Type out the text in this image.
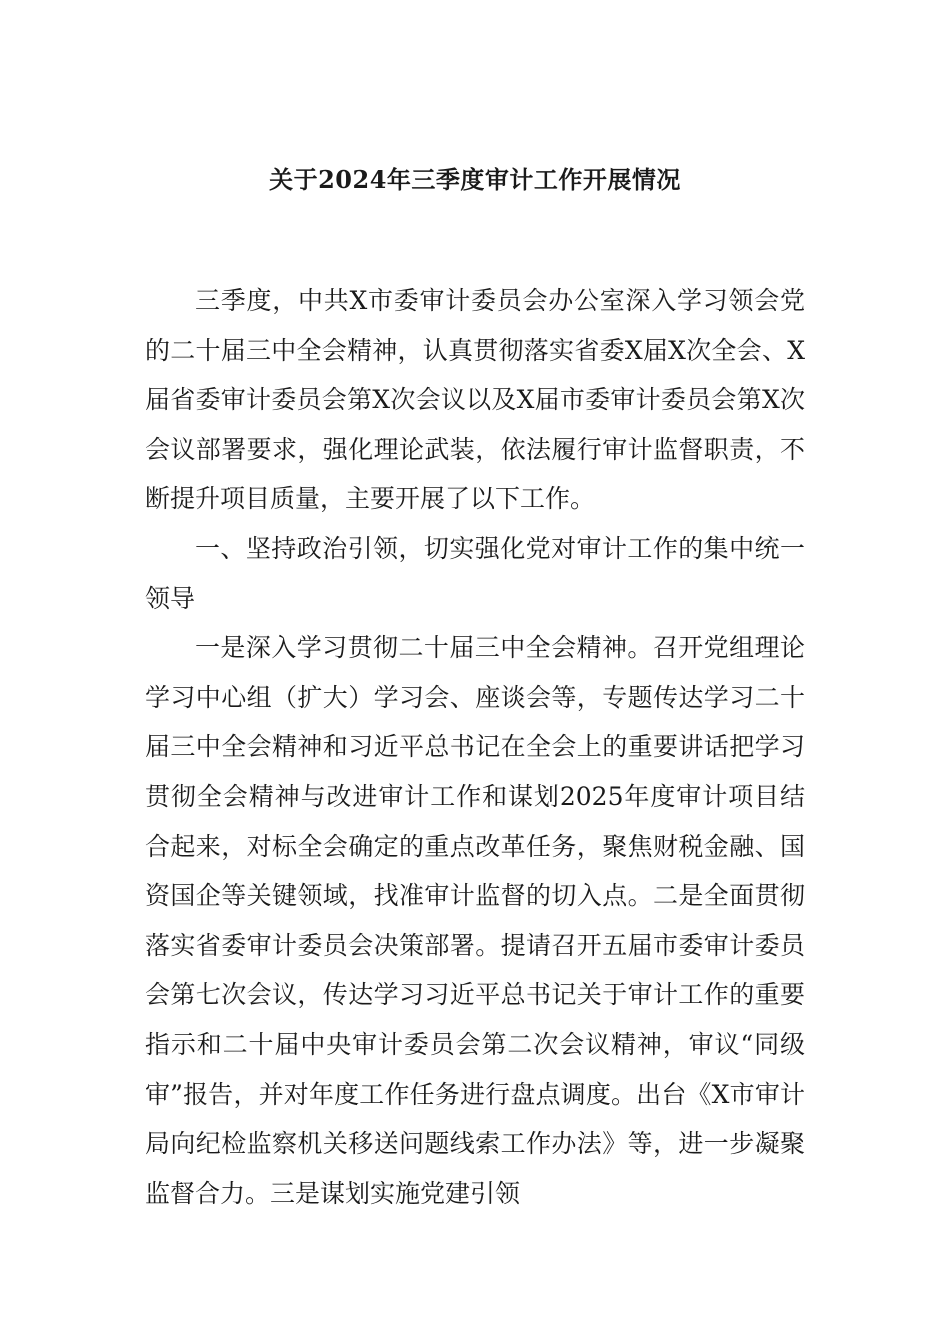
关于2024年三季度审计工作开展情况

三季度，中共X市委审计委员会办公室深入学习领会党的二十届三中全会精神，认真贯彻落实省委X届X次全会、X届省委审计委员会第X次会议以及X届市委审计委员会第X次会议部署要求，强化理论武装，依法履行审计监督职责，不断提升项目质量，主要开展了以下工作。

一、坚持政治引领，切实强化党对审计工作的集中统一领导

一是深入学习贯彻二十届三中全会精神。召开党组理论学习中心组（扩大）学习会、座谈会等，专题传达学习二十届三中全会精神和习近平总书记在全会上的重要讲话把学习贯彻全会精神与改进审计工作和谋划2025年度审计项目结合起来，对标全会确定的重点改革任务，聚焦财税金融、国资国企等关键领域，找准审计监督的切入点。二是全面贯彻落实省委审计委员会决策部署。提请召开五届市委审计委员会第七次会议，传达学习习近平总书记关于审计工作的重要指示和二十届中央审计委员会第二次会议精神，审议“同级审”报告，并对年度工作任务进行盘点调度。出台《X市审计局向纪检监察机关移送问题线索工作办法》等，进一步凝聚监督合力。三是谋划实施党建引领
